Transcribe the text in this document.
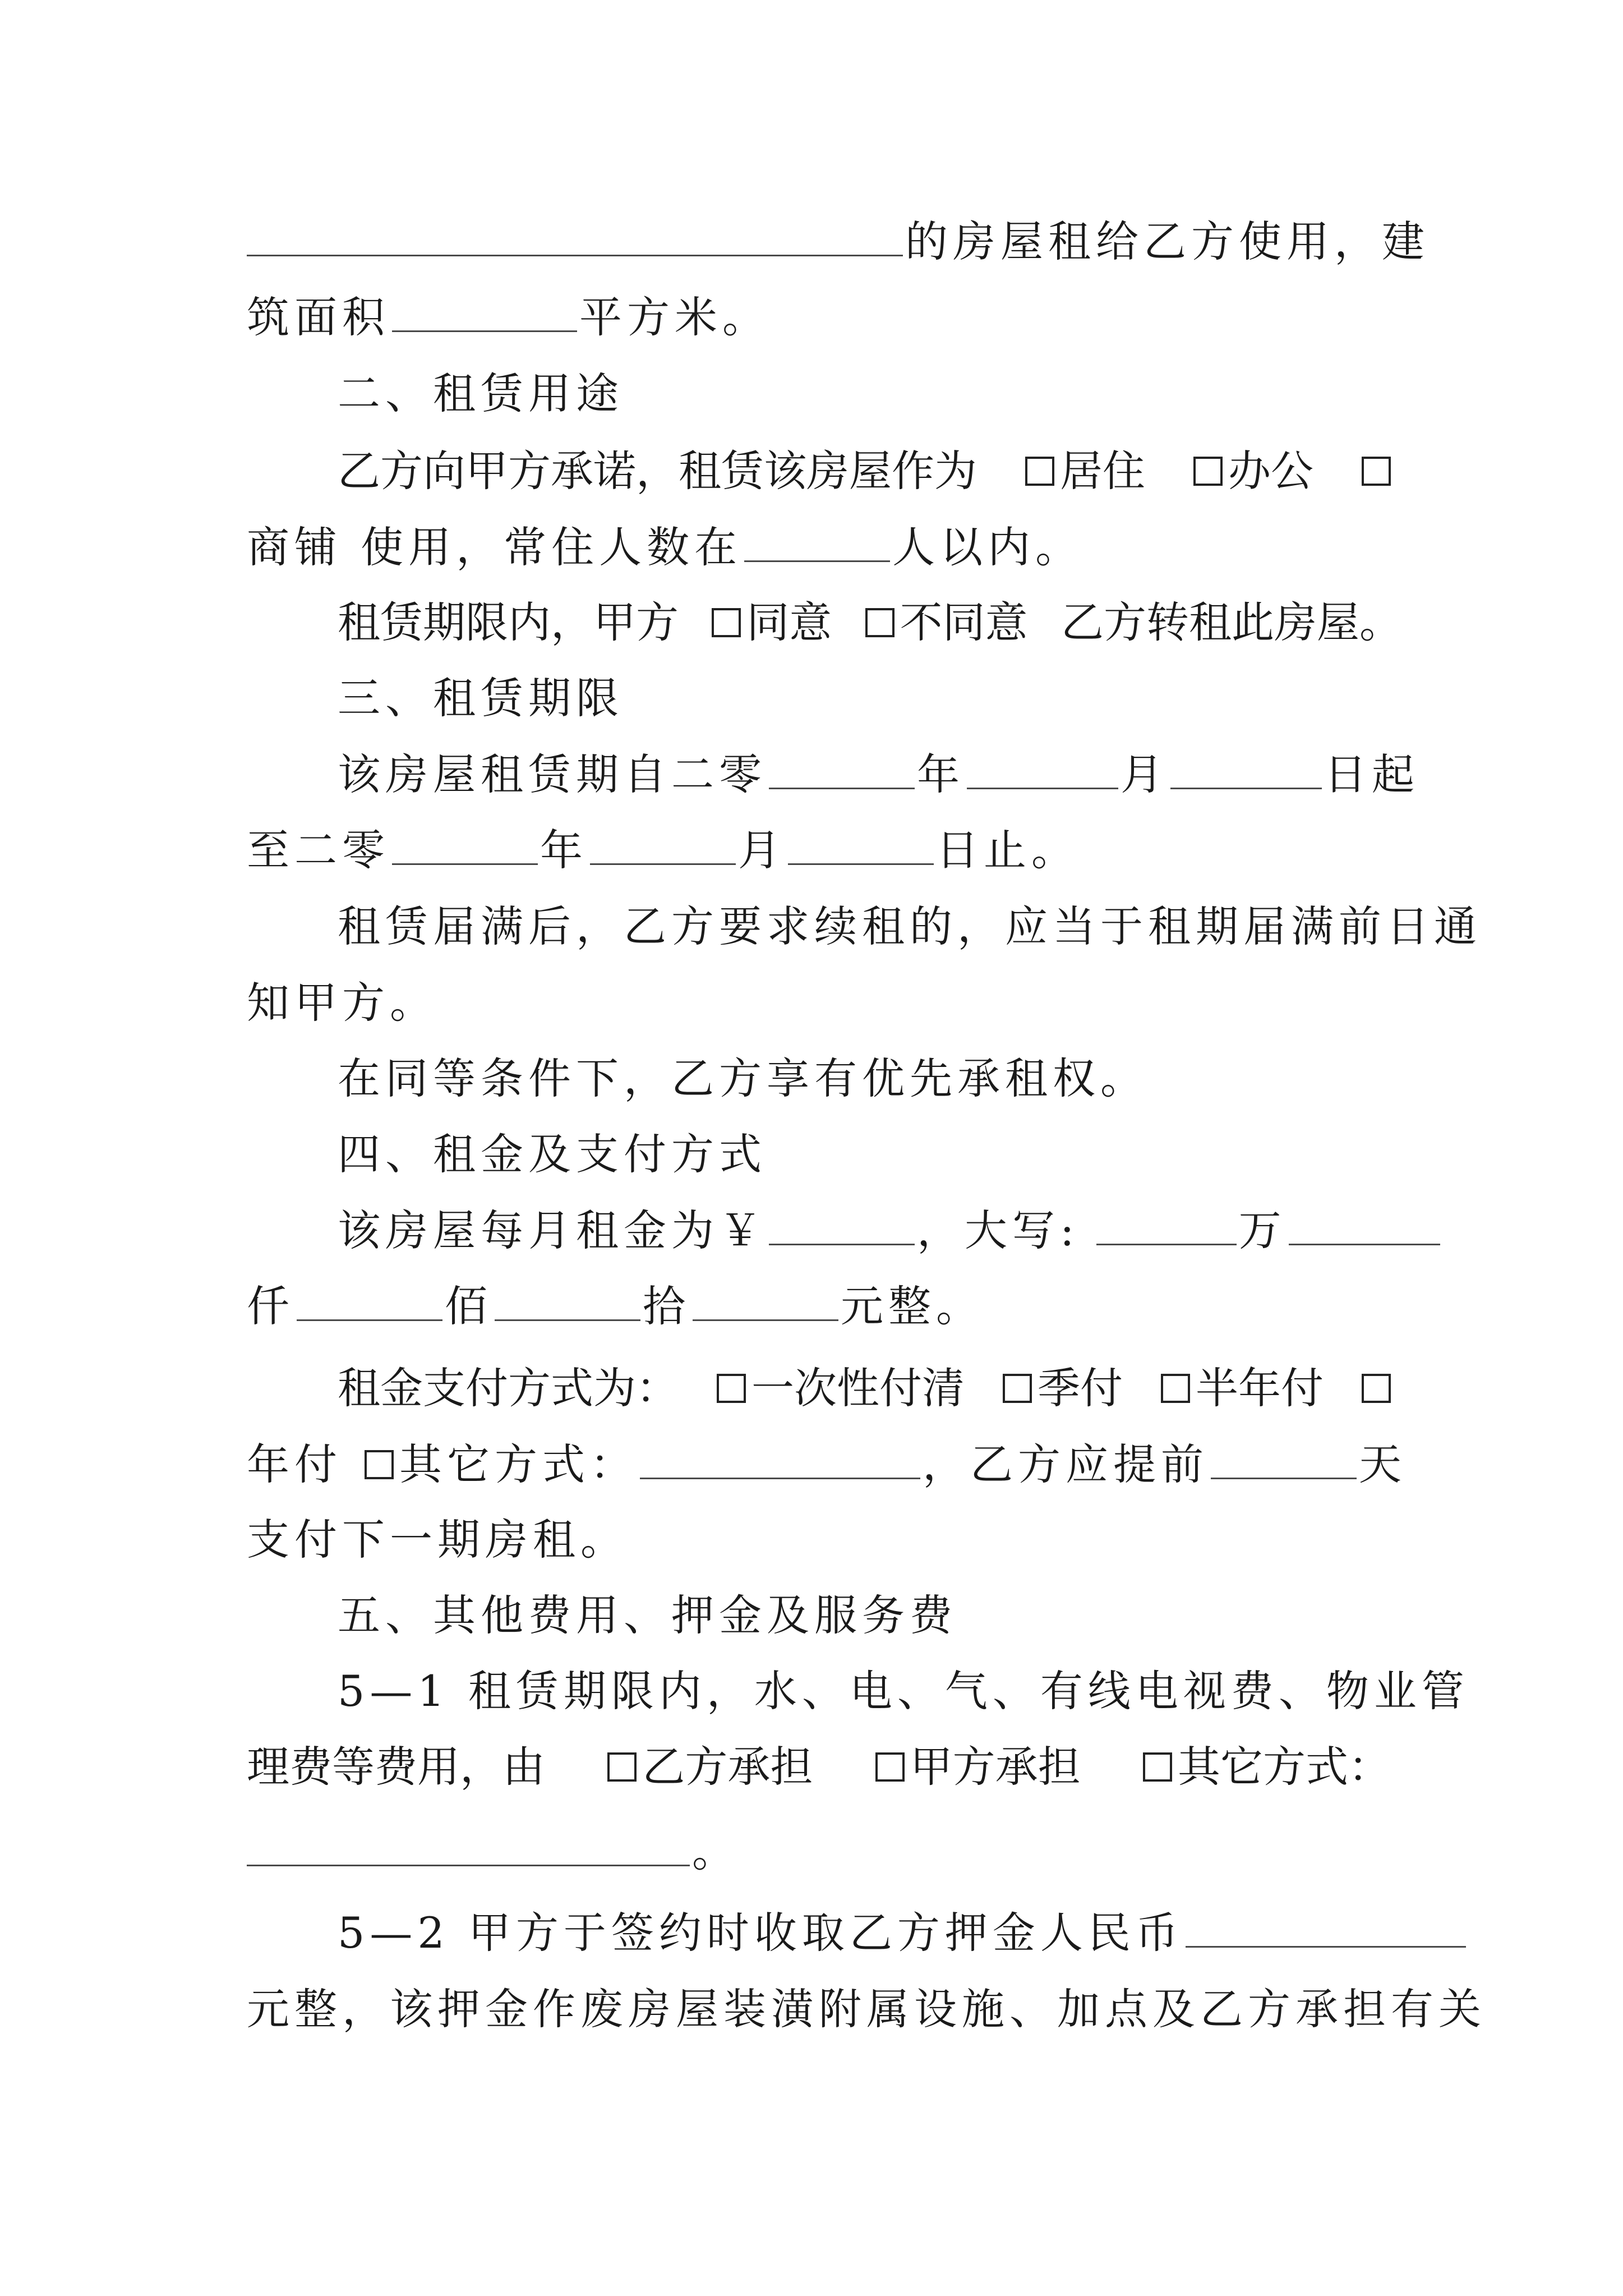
的房屋租给乙方使用，建
筑面积	平方米。
二、租赁用途
乙方向甲方承诺，租赁该房屋作为 居住 办公
商铺 使用，常住人数在	人以内。
租赁期限内，甲方 同意 不同意 乙方转租此房屋。
三、租赁期限
该房屋租赁期自二零	年	月	日起
至二零	年	月	日止。
租赁届满后，乙方要求续租的，应当于租期届满前日通
知甲方。
在同等条件下，乙方享有优先承租权。
四、租金及支付方式
该房屋每月租金为￥	，大写:	万
仟	佰	拾	元整。
租金支付方式为： 一次性付清 季付 半年付
年付 其它方式：	，乙方应提前	天
支付下一期房租。
五、其他费用、押金及服务费
5—1 租赁期限内，水、电、气、有线电视费、物业管
理费等费用，由 乙方承担 甲方承担 其它方式：
。
5—2 甲方于签约时收取乙方押金人民币
元整，该押金作废房屋装潢附属设施、加点及乙方承担有关
